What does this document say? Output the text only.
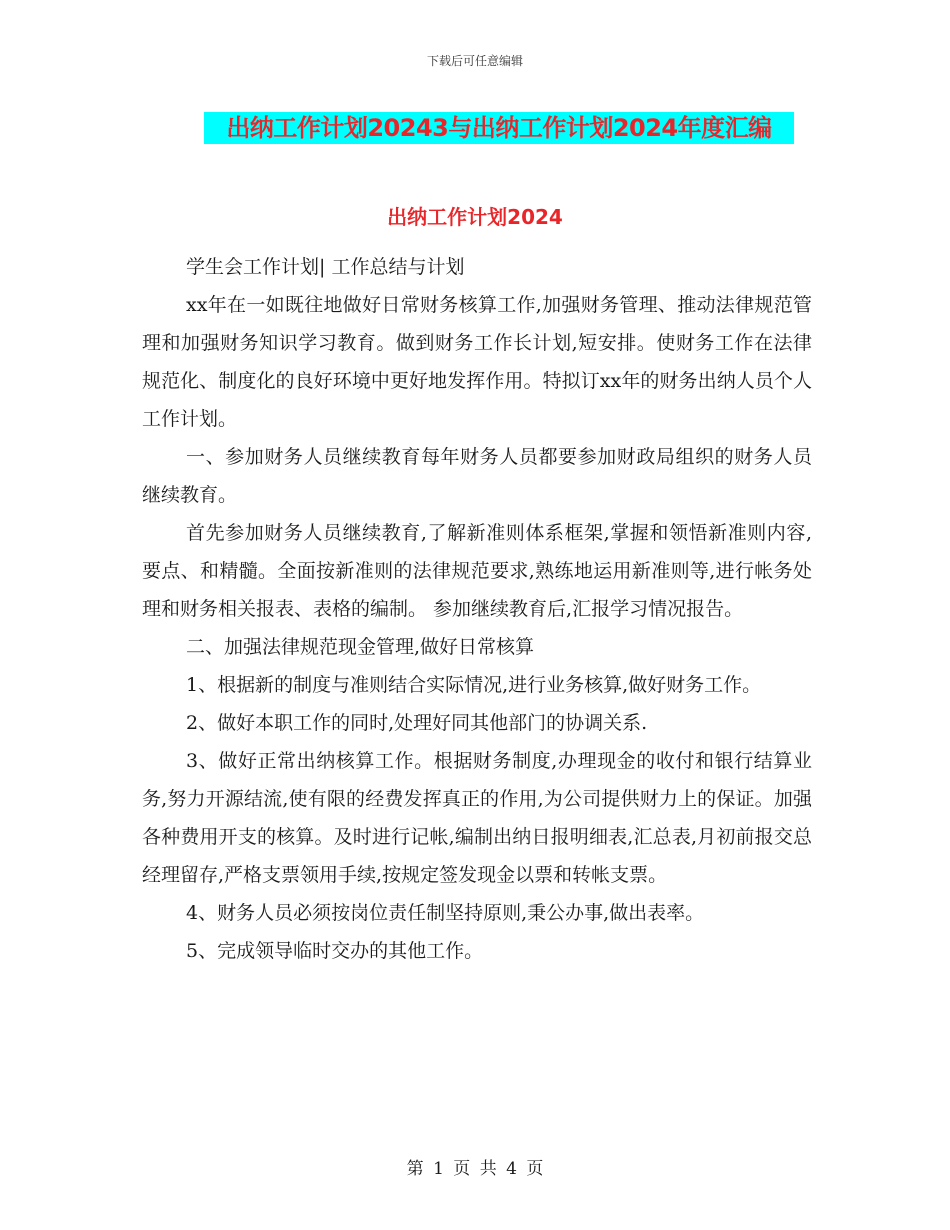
下载后可任意编辑
出纳工作计划20243与出纳工作计划2024年度汇编
出纳工作计划2024

学生会工作计划| 工作总结与计划

xx年在一如既往地做好日常财务核算工作,加强财务管理、推动法律规范管理和加强财务知识学习教育。做到财务工作长计划,短安排。使财务工作在法律规范化、制度化的良好环境中更好地发挥作用。特拟订xx年的财务出纳人员个人工作计划。

一、参加财务人员继续教育每年财务人员都要参加财政局组织的财务人员继续教育。

首先参加财务人员继续教育,了解新准则体系框架,掌握和领悟新准则内容,要点、和精髓。全面按新准则的法律规范要求,熟练地运用新准则等,进行帐务处理和财务相关报表、表格的编制。 参加继续教育后,汇报学习情况报告。

二、加强法律规范现金管理,做好日常核算

1、根据新的制度与准则结合实际情况,进行业务核算,做好财务工作。

2、做好本职工作的同时,处理好同其他部门的协调关系.

3、做好正常出纳核算工作。根据财务制度,办理现金的收付和银行结算业务,努力开源结流,使有限的经费发挥真正的作用,为公司提供财力上的保证。加强各种费用开支的核算。及时进行记帐,编制出纳日报明细表,汇总表,月初前报交总经理留存,严格支票领用手续,按规定签发现金以票和转帐支票。

4、财务人员必须按岗位责任制坚持原则,秉公办事,做出表率。

5、完成领导临时交办的其他工作。

第 1 页 共 4 页
